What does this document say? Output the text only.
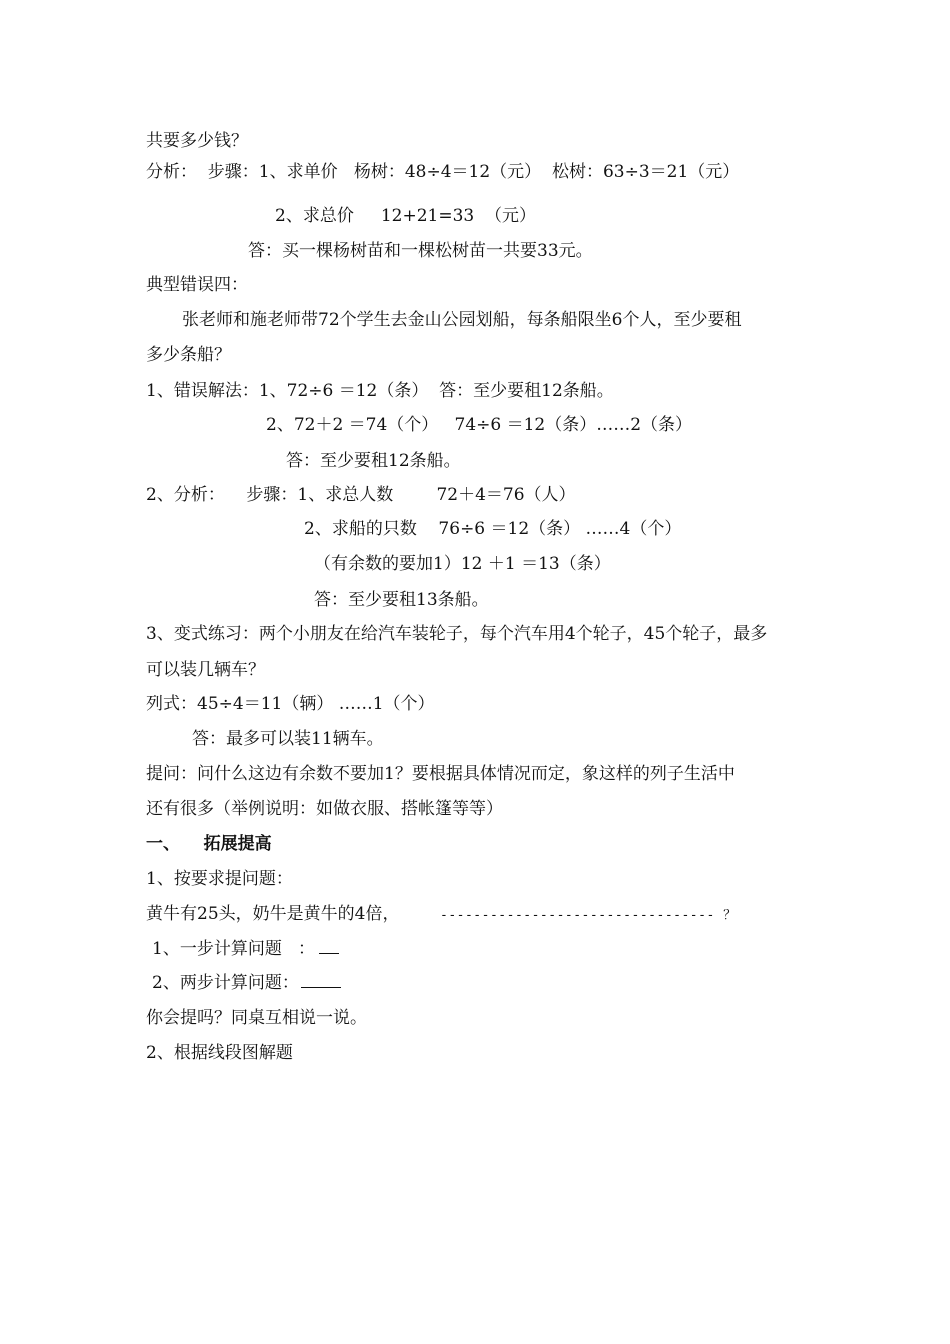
共要多少钱？
分析：  步骤：1、求单价   杨树：48÷4＝12（元）  松树：63÷3＝21（元）
2、求总价     12+21=33  （元）
答：买一棵杨树苗和一棵松树苗一共要33元。
典型错误四：
张老师和施老师带72个学生去金山公园划船，每条船限坐6个人，至少要租
多少条船？
1、错误解法：1、72÷6 ＝12（条）  答：至少要租12条船。
2、72＋2 ＝74（个）   74÷6 ＝12（条）……2（条）
答：至少要租12条船。
2、分析：    步骤：1、求总人数        72＋4＝76（人）
2、求船的只数    76÷6 ＝12（条） ……4（个）
（有余数的要加1）12 ＋1 ＝13（条）
答：至少要租13条船。
3、变式练习：两个小朋友在给汽车装轮子，每个汽车用4个轮子，45个轮子，最多
可以装几辆车？
列式：45÷4＝11（辆） ……1（个）
答：最多可以装11辆车。
提问：问什么这边有余数不要加1？要根据具体情况而定，象这样的列子生活中
还有很多（举例说明：如做衣服、搭帐篷等等）
一、    拓展提高
1、按要求提问题：
黄牛有25头，奶牛是黄牛的4倍，	--------------------------------- ？
1、一步计算问题   ：
2、两步计算问题：
你会提吗？同桌互相说一说。
2、根据线段图解题
